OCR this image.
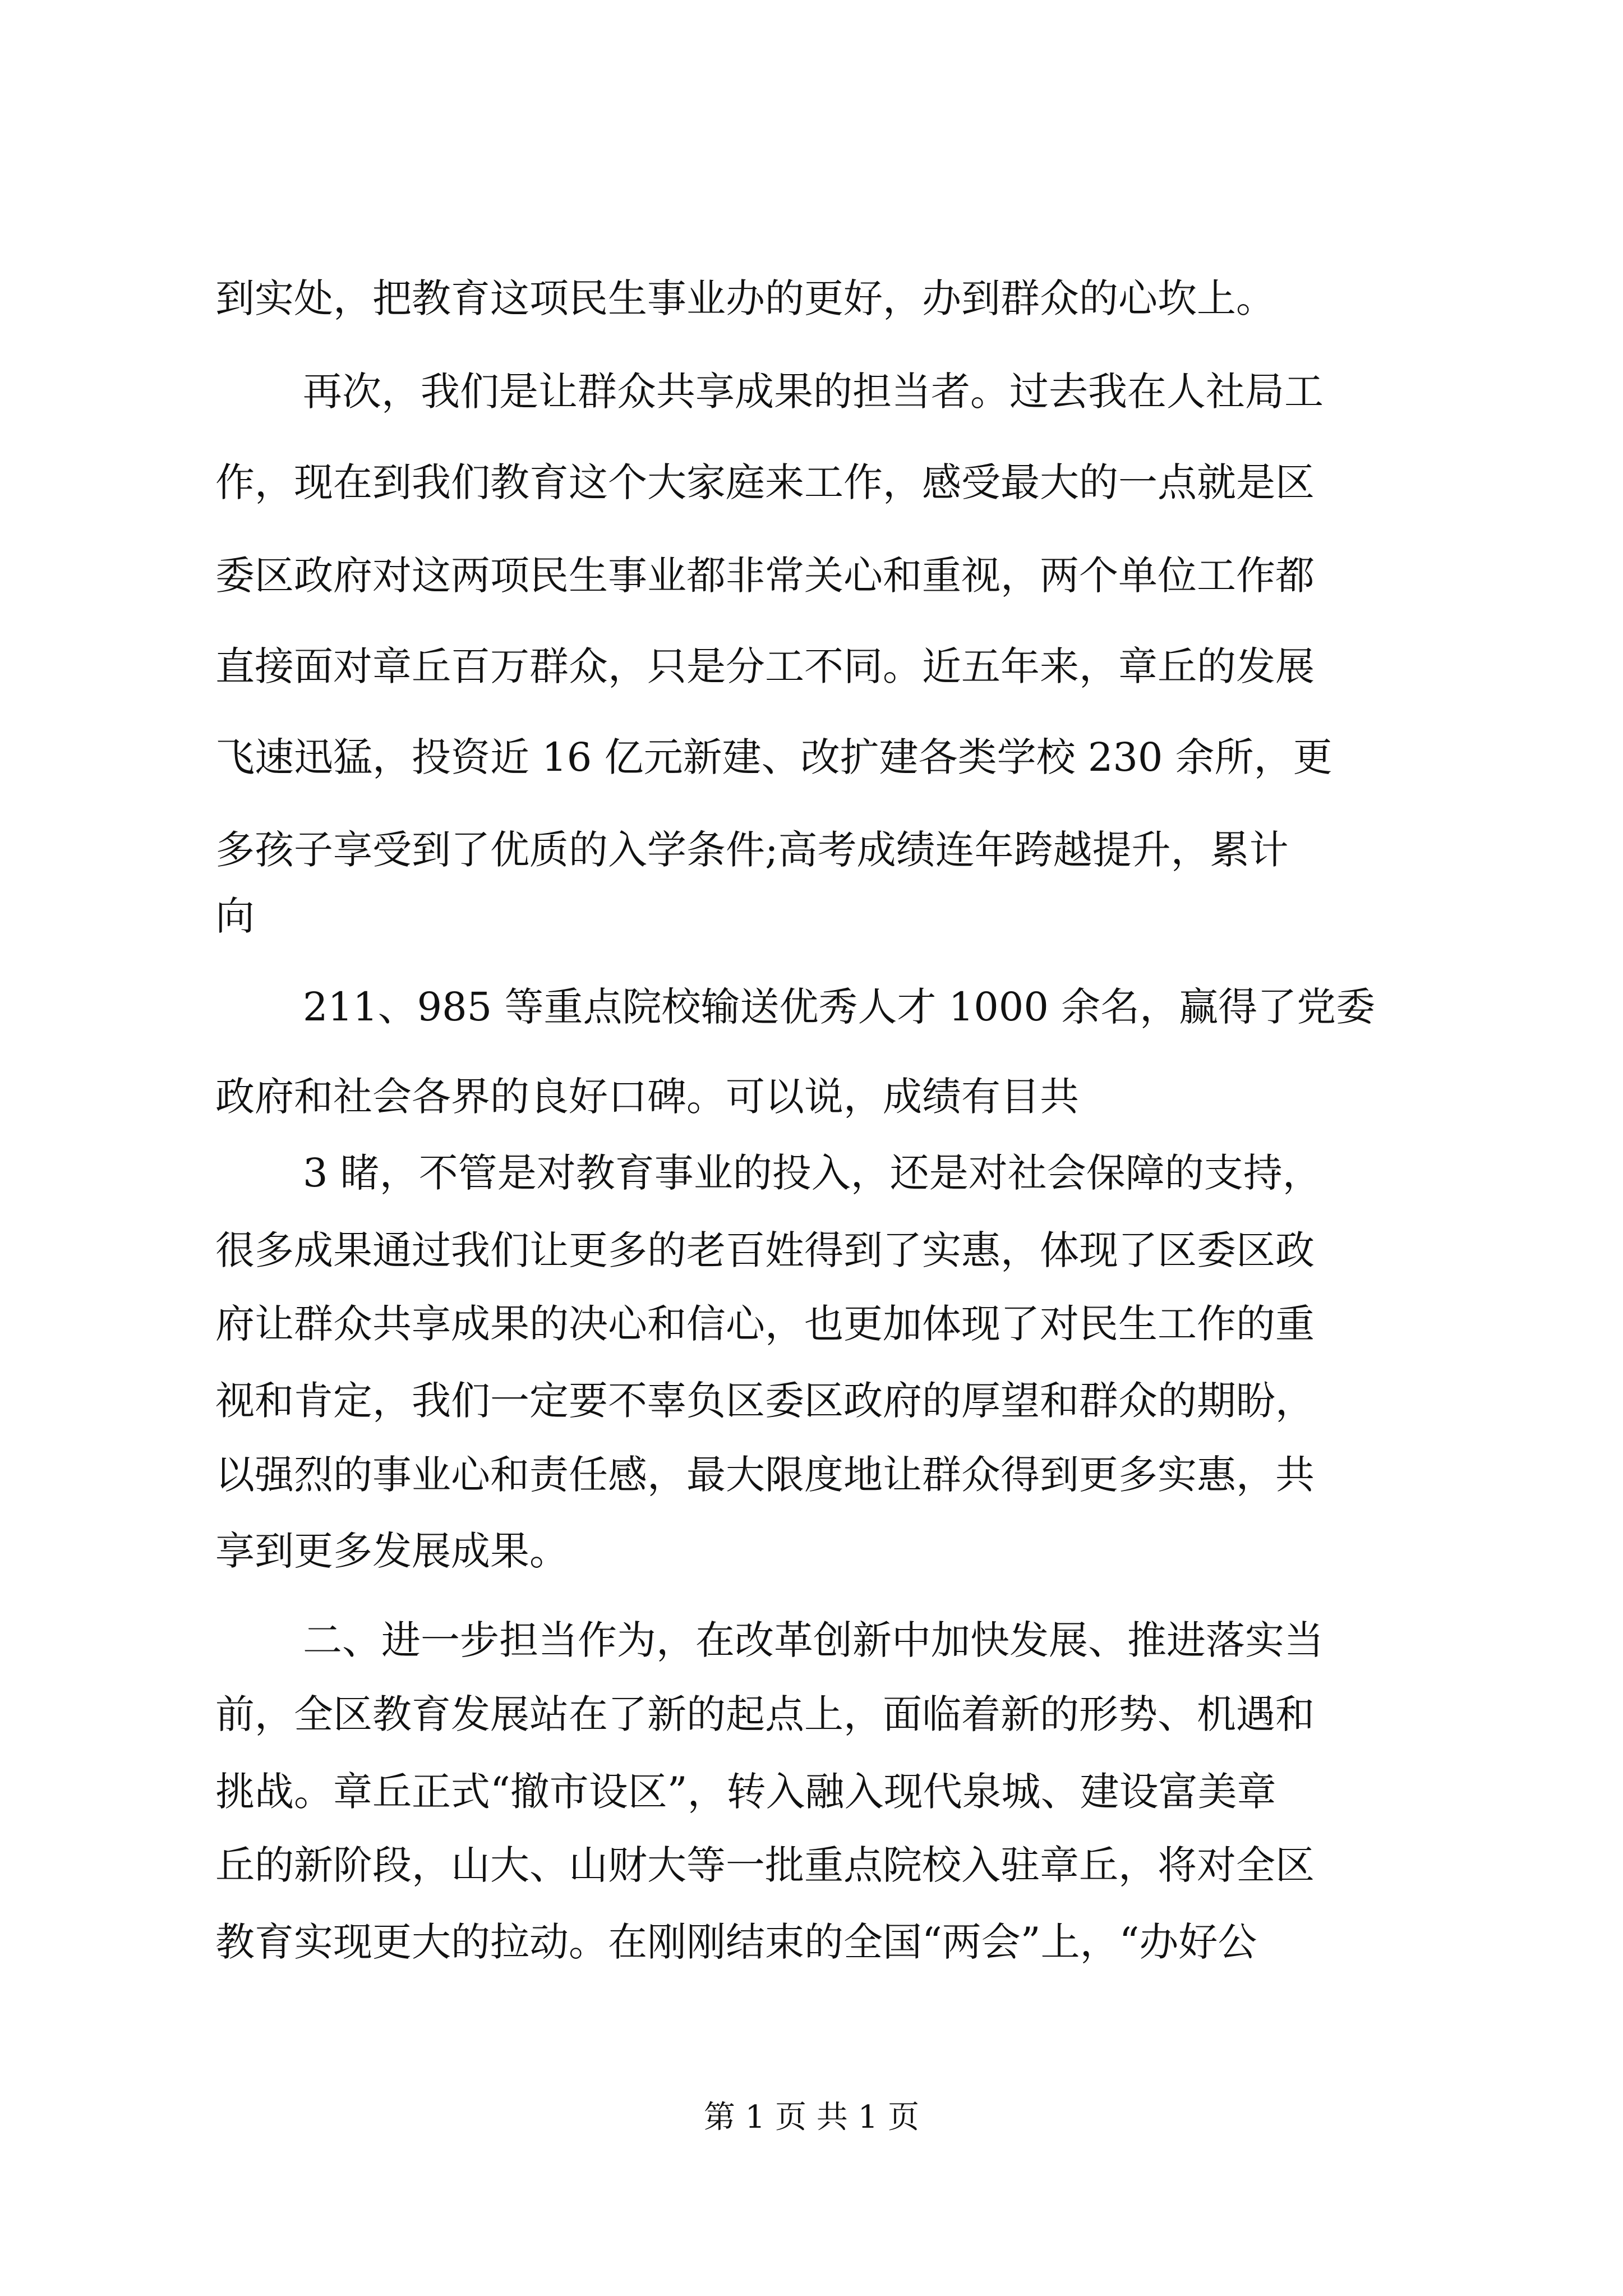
到实处，把教育这项民生事业办的更好，办到群众的心坎上。
再次，我们是让群众共享成果的担当者。过去我在人社局工
作，现在到我们教育这个大家庭来工作，感受最大的一点就是区
委区政府对这两项民生事业都非常关心和重视，两个单位工作都
直接面对章丘百万群众，只是分工不同。近五年来，章丘的发展
飞速迅猛，投资近 16 亿元新建、改扩建各类学校 230 余所，更
多孩子享受到了优质的入学条件;高考成绩连年跨越提升，累计
向
211、985 等重点院校输送优秀人才 1000 余名，赢得了党委
政府和社会各界的良好口碑。可以说，成绩有目共
3 睹，不管是对教育事业的投入，还是对社会保障的支持，
很多成果通过我们让更多的老百姓得到了实惠，体现了区委区政
府让群众共享成果的决心和信心，也更加体现了对民生工作的重
视和肯定，我们一定要不辜负区委区政府的厚望和群众的期盼，
以强烈的事业心和责任感，最大限度地让群众得到更多实惠，共
享到更多发展成果。
二、进一步担当作为，在改革创新中加快发展、推进落实当
前，全区教育发展站在了新的起点上，面临着新的形势、机遇和
挑战。章丘正式“撤市设区”，转入融入现代泉城、建设富美章
丘的新阶段，山大、山财大等一批重点院校入驻章丘，将对全区
教育实现更大的拉动。在刚刚结束的全国“两会”上，“办好公
第 1 页 共 1 页
